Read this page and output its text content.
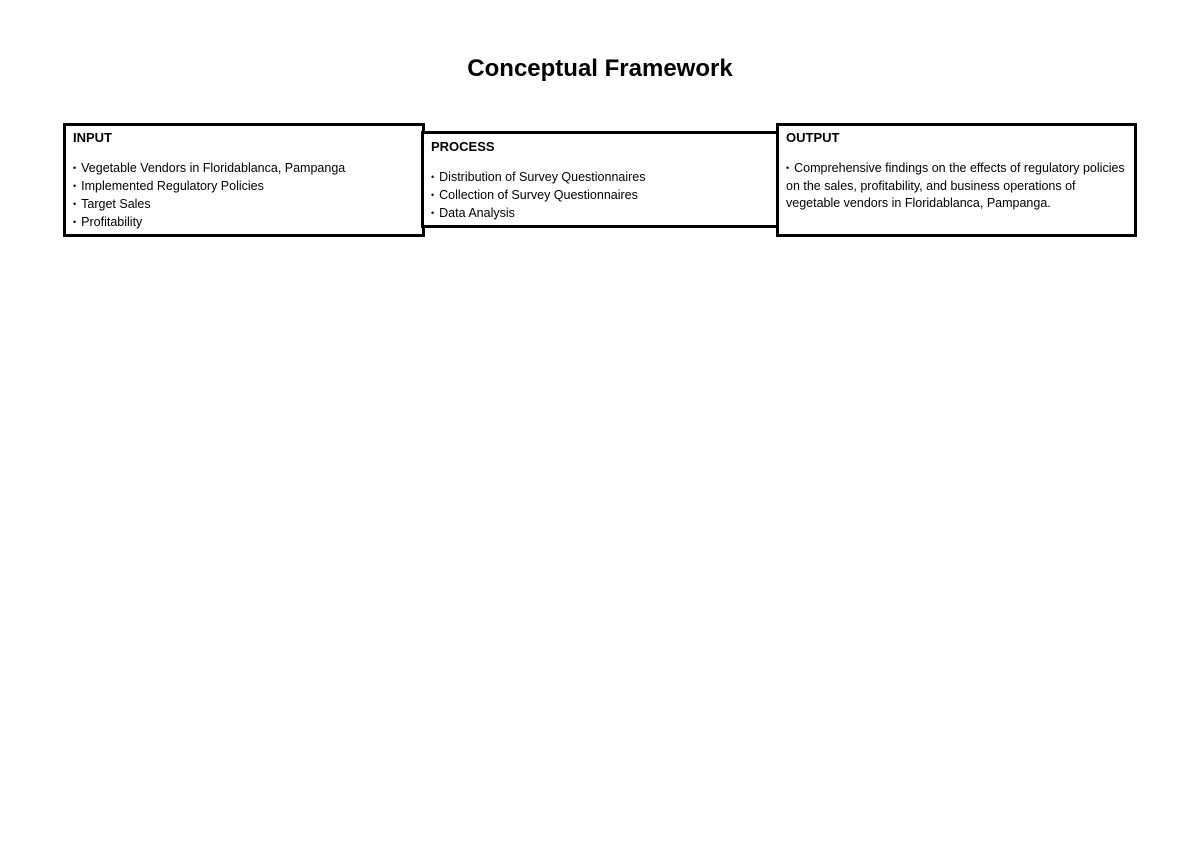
Conceptual Framework
INPUT
• Vegetable Vendors in Floridablanca, Pampanga
• Implemented Regulatory Policies
• Target Sales
• Profitability
PROCESS
• Distribution of Survey Questionnaires
• Collection of Survey Questionnaires
• Data Analysis
OUTPUT
• Comprehensive findings on the effects of regulatory policies on the sales, profitability, and business operations of vegetable vendors in Floridablanca, Pampanga.
